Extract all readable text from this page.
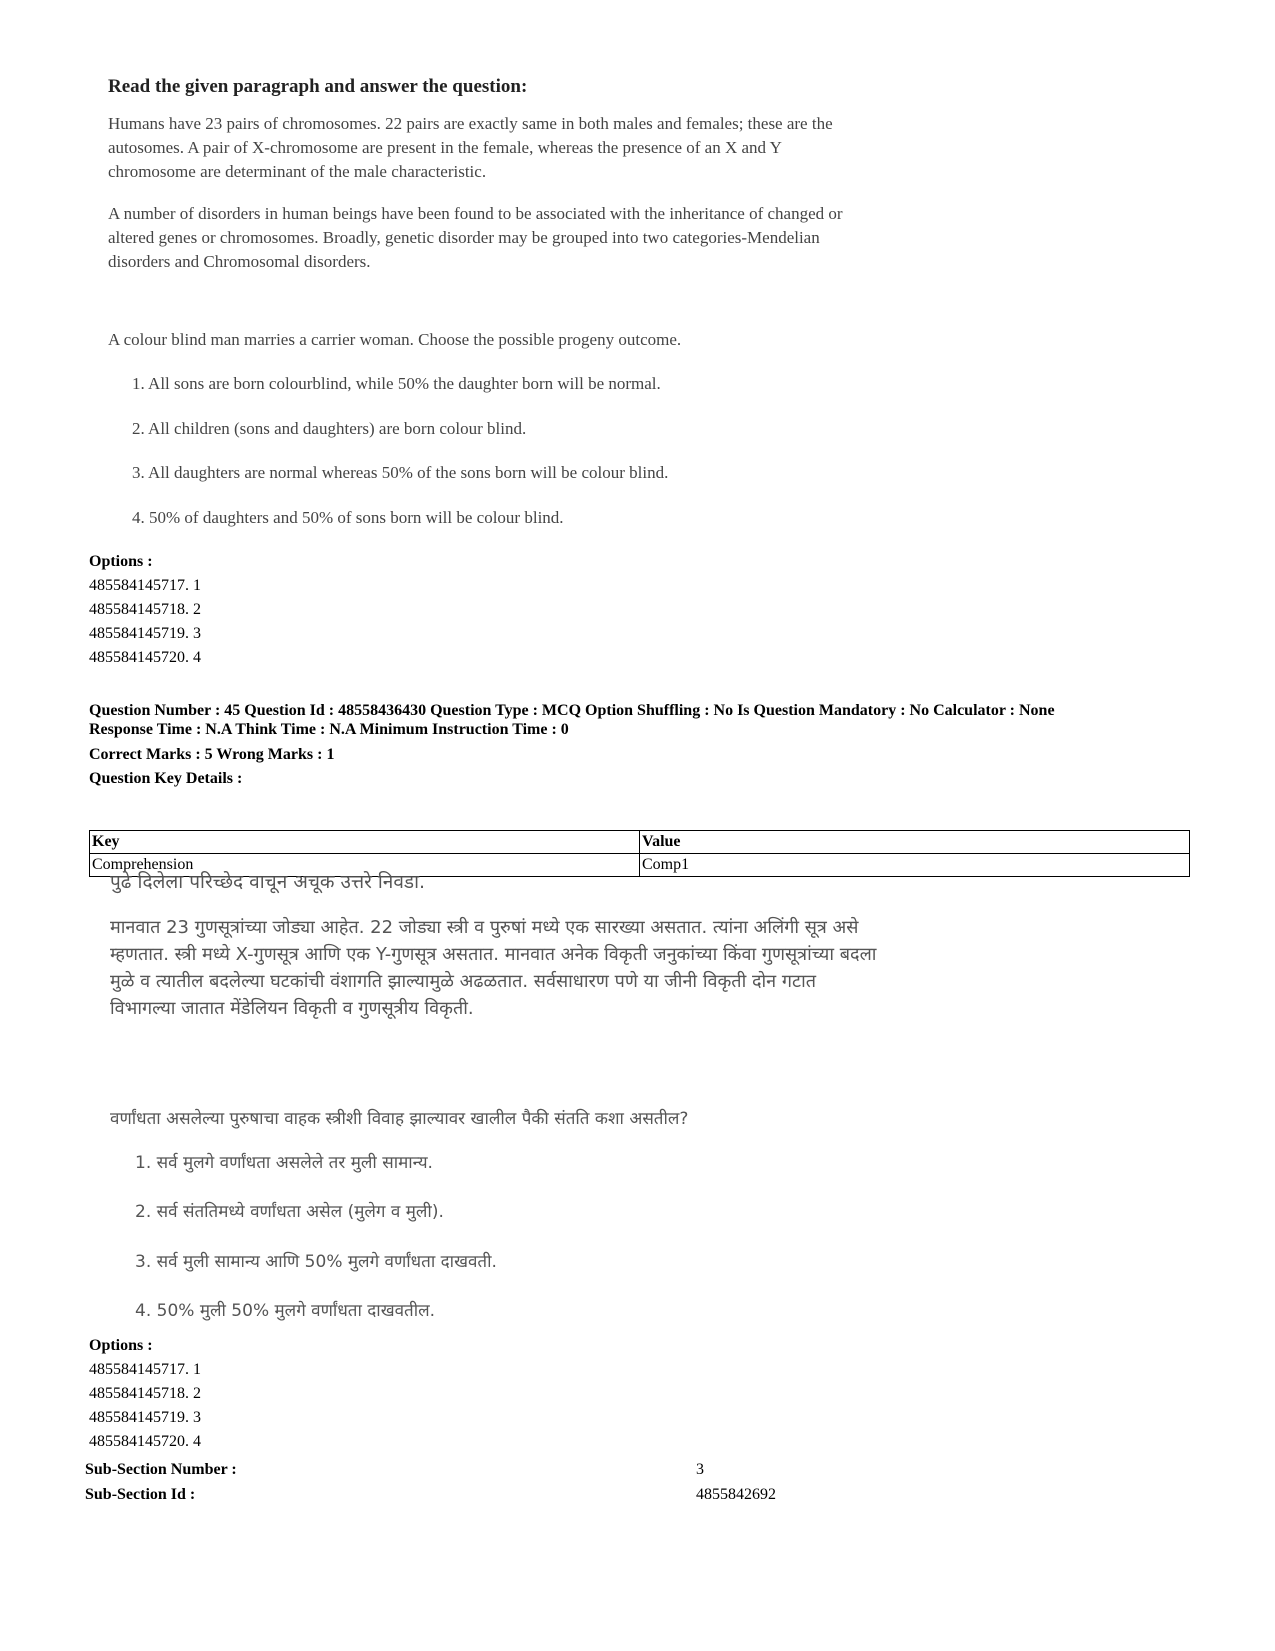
Read the given paragraph and answer the question:

Humans have 23 pairs of chromosomes. 22 pairs are exactly same in both males and females; these are the

autosomes. A pair of X-chromosome are present in the female, whereas the presence of an X and Y

chromosome are determinant of the male characteristic.

A number of disorders in human beings have been found to be associated with the inheritance of changed or

altered genes or chromosomes. Broadly, genetic disorder may be grouped into two categories-Mendelian

disorders and Chromosomal disorders.

A colour blind man marries a carrier woman. Choose the possible progeny outcome.

1. All sons are born colourblind, while 50% the daughter born will be normal.

2. All children (sons and daughters) are born colour blind.

3. All daughters are normal whereas 50% of the sons born will be colour blind.

4. 50% of daughters and 50% of sons born will be colour blind.

Options :
485584145717. 1
485584145718. 2
485584145719. 3
485584145720. 4
Question Number : 45 Question Id : 48558436430 Question Type : MCQ Option Shuffling : No Is Question Mandatory : No Calculator : None
Response Time : N.A Think Time : N.A Minimum Instruction Time : 0
Correct Marks : 5 Wrong Marks : 1
Question Key Details :
Key	Value
Comprehension	Comp1

पुढे दिलेला परिच्छेद वाचून अचूक उत्तरे निवडा.

मानवात 23 गुणसूत्रांच्या जोड्या आहेत. 22 जोड्या स्त्री व पुरुषां मध्ये एक सारख्या असतात. त्यांना अलिंगी सूत्र असे

म्हणतात. स्त्री मध्ये X-गुणसूत्र आणि एक Y-गुणसूत्र असतात. मानवात अनेक विकृती जनुकांच्या किंवा गुणसूत्रांच्या बदला

मुळे व त्यातील बदलेल्या घटकांची वंशागति झाल्यामुळे अढळतात. सर्वसाधारण पणे या जीनी विकृती दोन गटात

विभागल्या जातात मेंडेलियन विकृती व गुणसूत्रीय विकृती.

वर्णांधता असलेल्या पुरुषाचा वाहक स्त्रीशी विवाह झाल्यावर खालील पैकी संतति कशा असतील?

1. सर्व मुलगे वर्णांधता असलेले तर मुली सामान्य.

2. सर्व संततिमध्ये वर्णांधता असेल (मुलेग व मुली).

3. सर्व मुली सामान्य आणि 50% मुलगे वर्णांधता दाखवती.

4. 50% मुली 50% मुलगे वर्णांधता दाखवतील.

Options :
485584145717. 1
485584145718. 2
485584145719. 3
485584145720. 4
Sub-Section Number :	3
Sub-Section Id :	4855842692
